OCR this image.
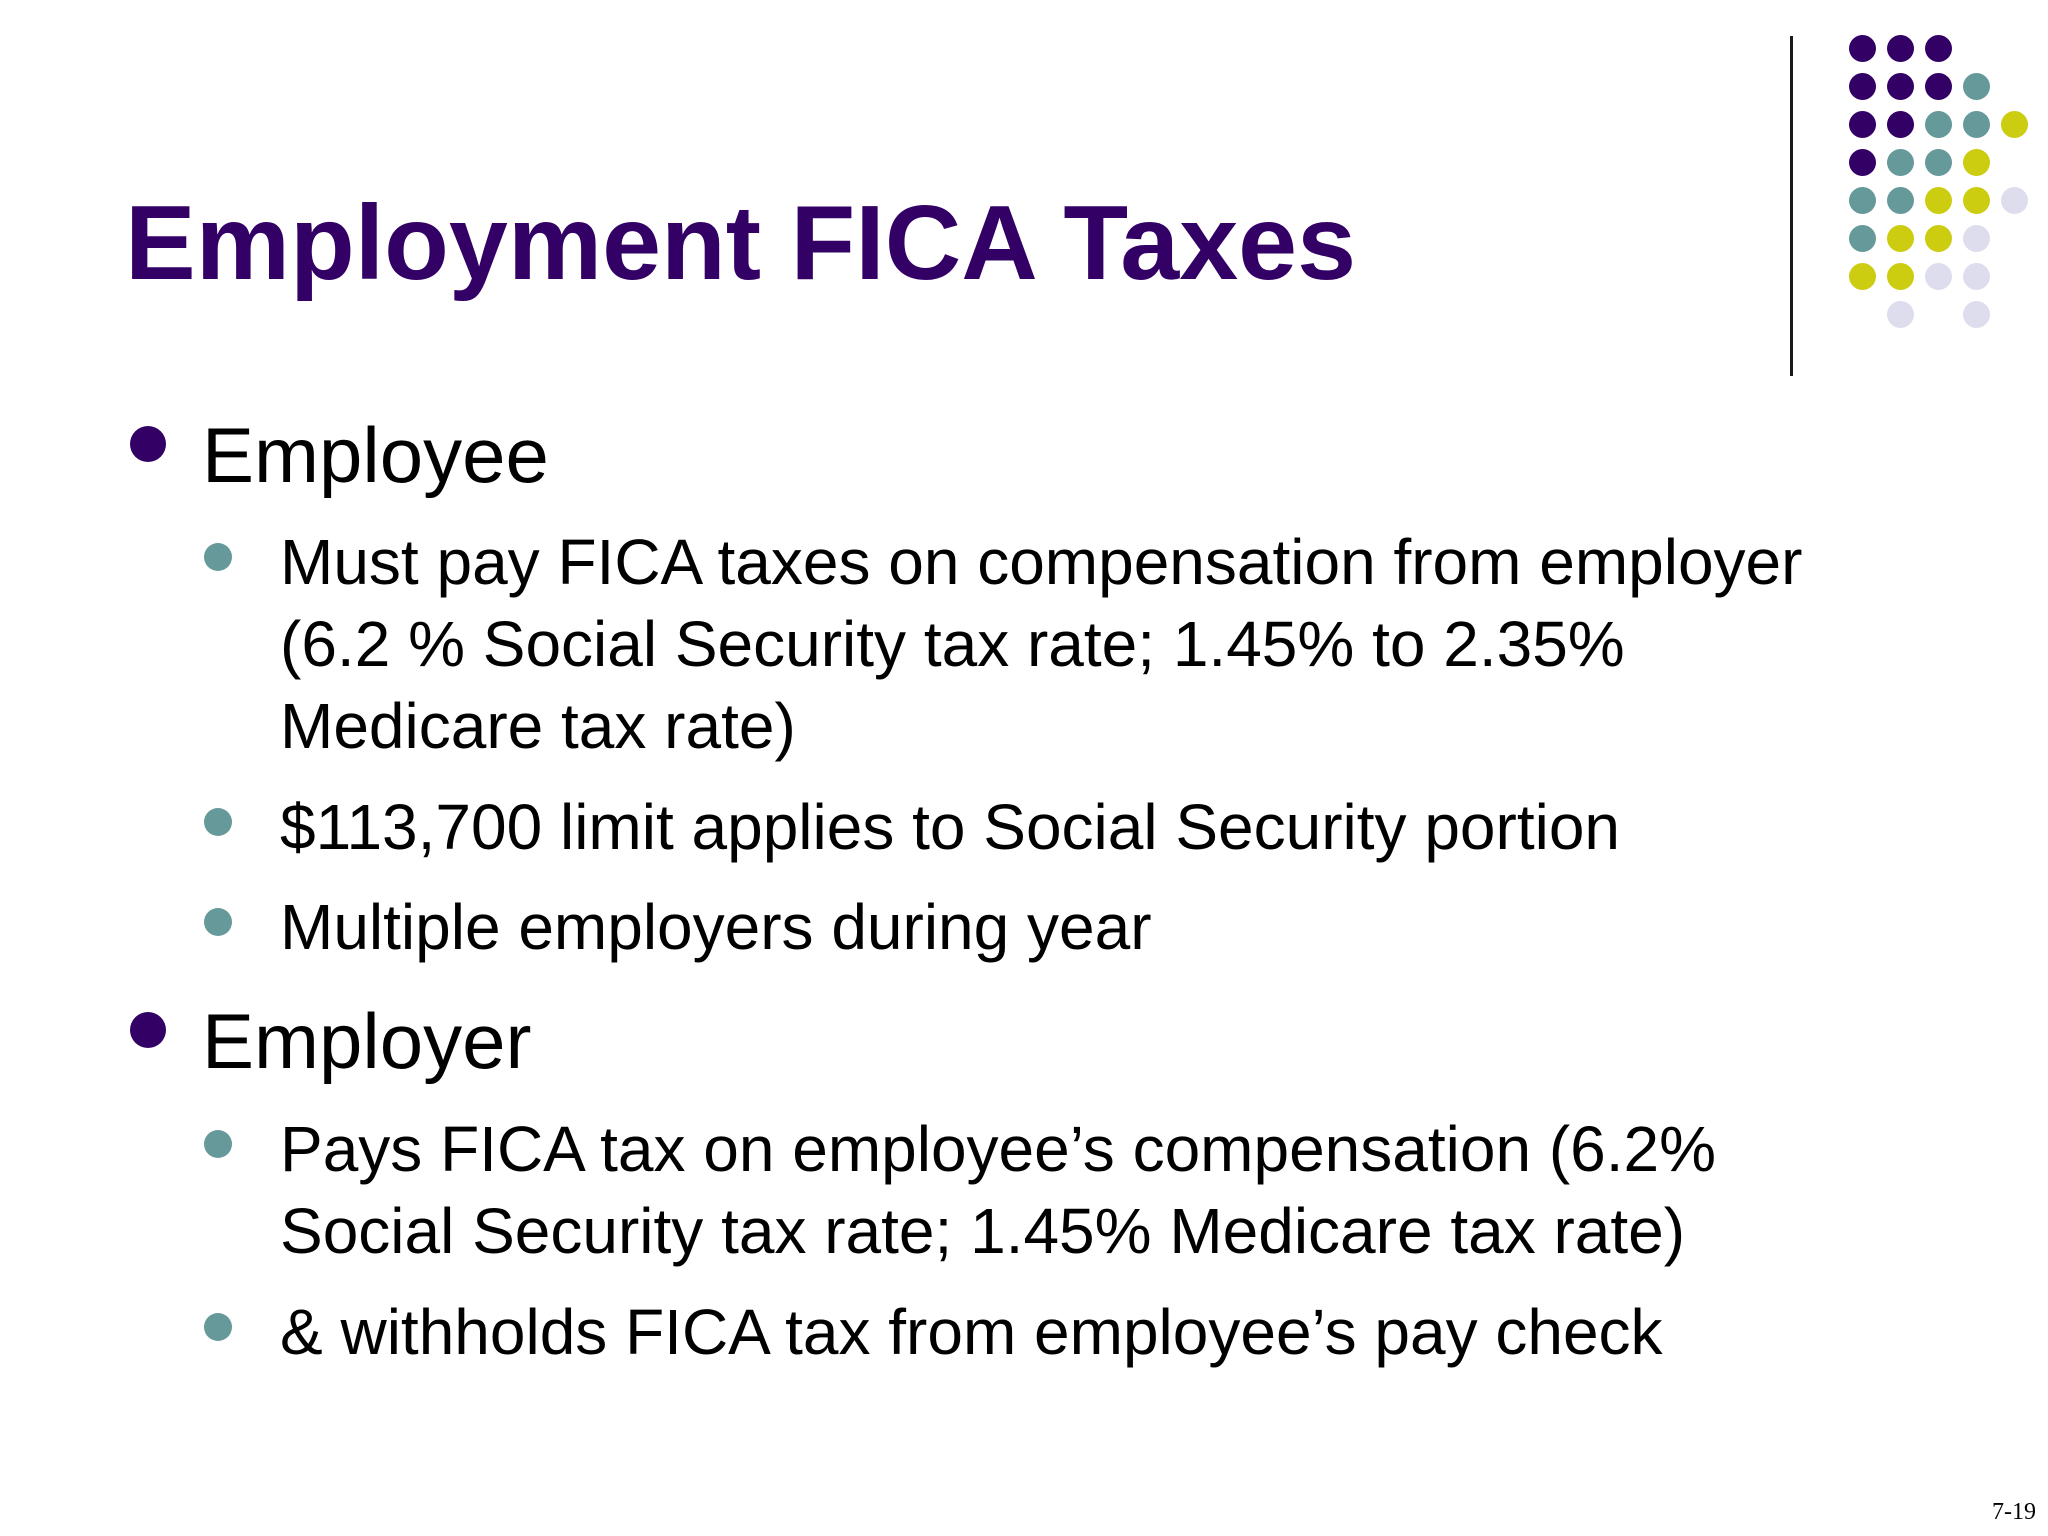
Employment FICA Taxes
Employee
Must pay FICA taxes on compensation from employer
(6.2 % Social Security tax rate; 1.45% to 2.35%
Medicare tax rate)
$113,700 limit applies to Social Security portion
Multiple employers during year
Employer
Pays FICA tax on employee’s compensation (6.2%
Social Security tax rate; 1.45% Medicare tax rate)
& withholds FICA tax from employee’s pay check
7-19
